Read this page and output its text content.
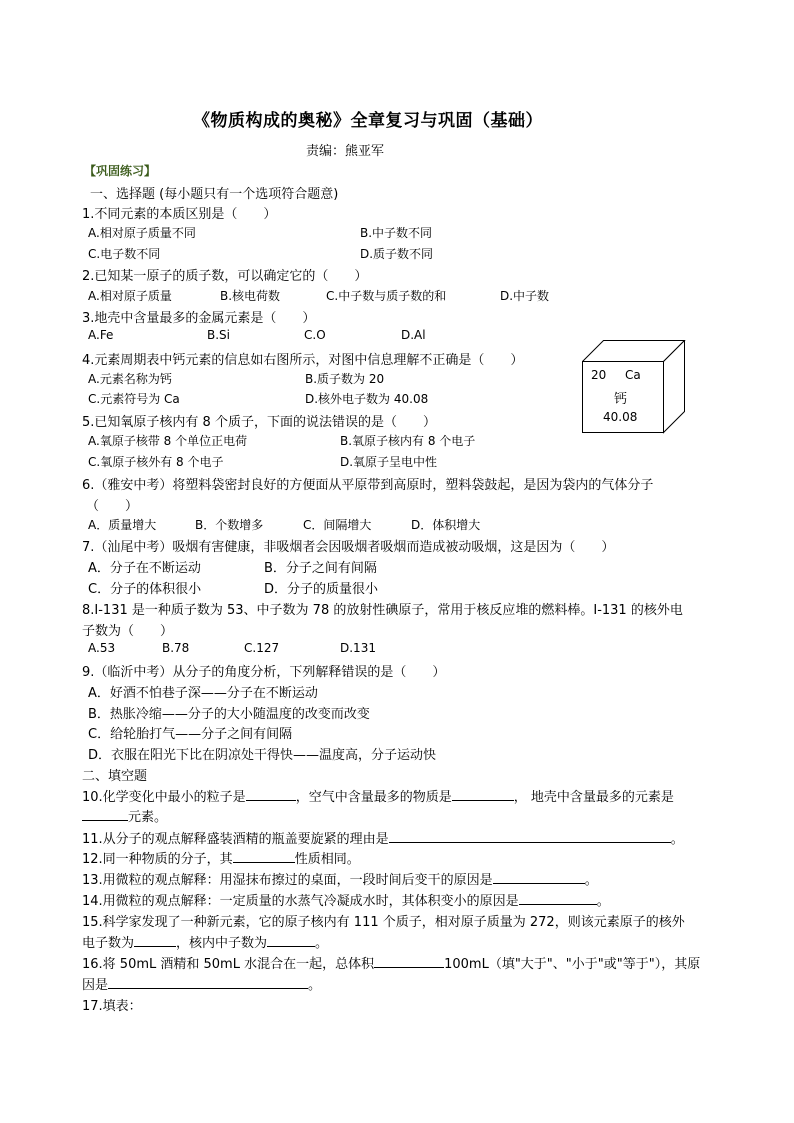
《物质构成的奥秘》全章复习与巩固（基础）
责编：熊亚军
【巩固练习】
一、选择题 (每小题只有一个选项符合题意)
1.不同元素的本质区别是（　　）
A.相对原子质量不同	B.中子数不同
C.电子数不同	D.质子数不同
2.已知某一原子的质子数，可以确定它的（　　）
A.相对原子质量	B.核电荷数	C.中子数与质子数的和	D.中子数
3.地壳中含量最多的金属元素是（　　）
A.Fe	B.Si	C.O	D.Al
4.元素周期表中钙元素的信息如右图所示，对图中信息理解不正确是（　　）
A.元素名称为钙	B.质子数为 20
C.元素符号为 Ca	D.核外电子数为 40.08
20 Ca
钙
40.08
5.已知氧原子核内有 8 个质子，下面的说法错误的是（　　）
A.氧原子核带 8 个单位正电荷	B.氧原子核内有 8 个电子
C.氧原子核外有 8 个电子	D.氧原子呈电中性
6.（雅安中考）将塑料袋密封良好的方便面从平原带到高原时，塑料袋鼓起，是因为袋内的气体分子
（　　）
A．质量增大	B．个数增多	C．间隔增大	D．体积增大
7.（汕尾中考）吸烟有害健康，非吸烟者会因吸烟者吸烟而造成被动吸烟，这是因为（　　）
A．分子在不断运动	B．分子之间有间隔
C．分子的体积很小	D．分子的质量很小
8.I-131 是一种质子数为 53、中子数为 78 的放射性碘原子，常用于核反应堆的燃料棒。I-131 的核外电
子数为（　　）
A.53	B.78	C.127	D.131
9.（临沂中考）从分子的角度分析，下列解释错误的是（　　）
A．好酒不怕巷子深——分子在不断运动
B．热胀冷缩——分子的大小随温度的改变而改变
C．给轮胎打气——分子之间有间隔
D．衣服在阳光下比在阴凉处干得快——温度高，分子运动快
二、填空题
10.化学变化中最小的粒子是	，空气中含量最多的物质是	， 地壳中含量最多的元素是
元素。
11.从分子的观点解释盛装酒精的瓶盖要旋紧的理由是	。
12.同一种物质的分子，其	性质相同。
13.用微粒的观点解释：用湿抹布擦过的桌面，一段时间后变干的原因是	。
14.用微粒的观点解释：一定质量的水蒸气冷凝成水时，其体积变小的原因是	。
15.科学家发现了一种新元素，它的原子核内有 111 个质子，相对原子质量为 272，则该元素原子的核外
电子数为	，核内中子数为	。
16.将 50mL 酒精和 50mL 水混合在一起，总体积	100mL（填"大于"、"小于"或"等于"），其原
因是	。
17.填表：
